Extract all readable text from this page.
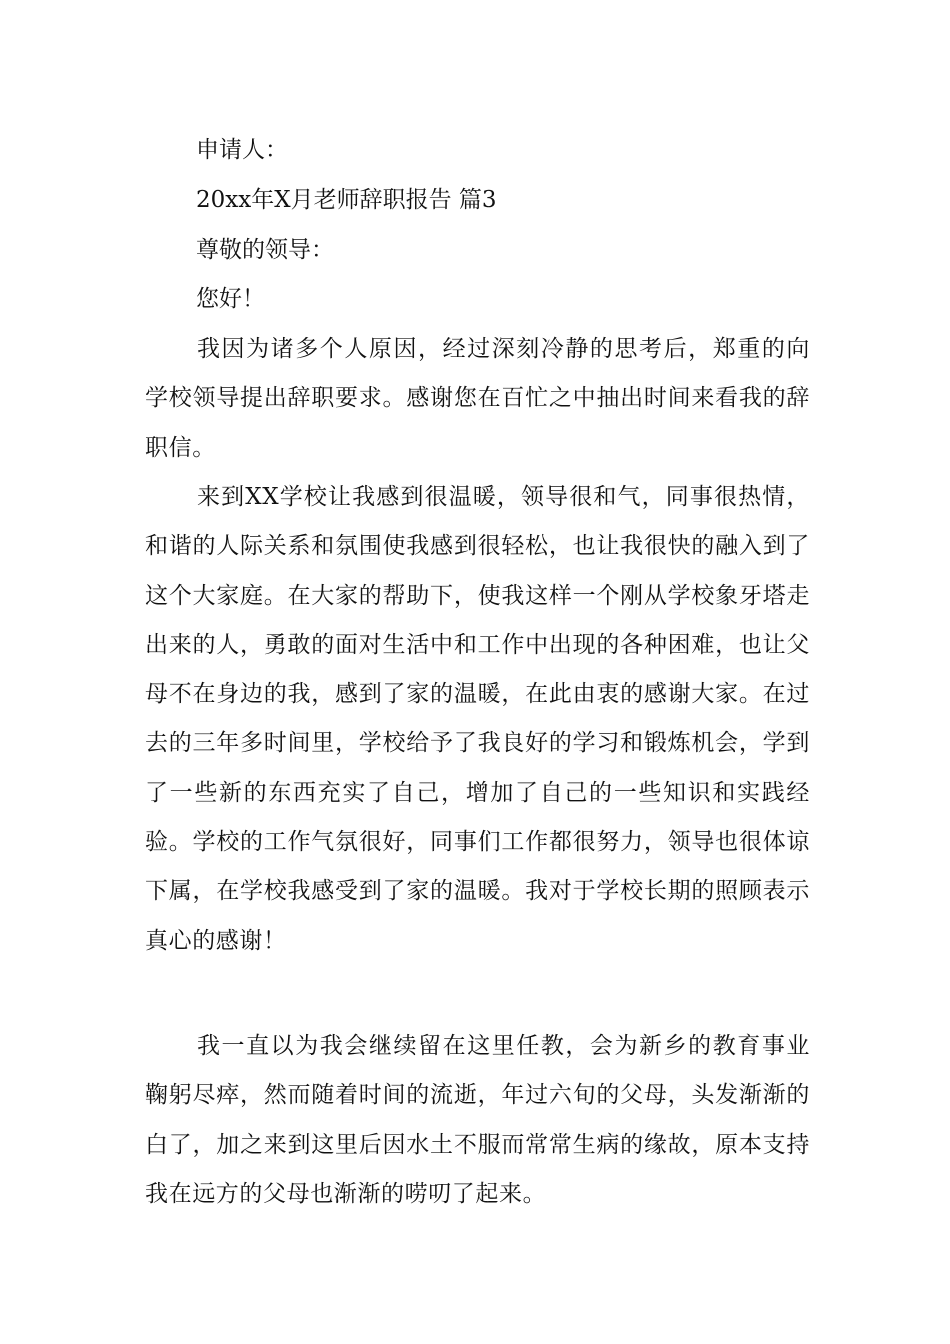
申请人：

20xx年X月老师辞职报告 篇3

尊敬的领导：

您好！

我因为诸多个人原因，经过深刻冷静的思考后，郑重的向学校领导提出辞职要求。感谢您在百忙之中抽出时间来看我的辞职信。

来到XX学校让我感到很温暖，领导很和气，同事很热情，和谐的人际关系和氛围使我感到很轻松，也让我很快的融入到了这个大家庭。在大家的帮助下，使我这样一个刚从学校象牙塔走出来的人，勇敢的面对生活中和工作中出现的各种困难，也让父母不在身边的我，感到了家的温暖，在此由衷的感谢大家。在过去的三年多时间里，学校给予了我良好的学习和锻炼机会，学到了一些新的东西充实了自己，增加了自己的一些知识和实践经验。学校的工作气氛很好，同事们工作都很努力，领导也很体谅下属，在学校我感受到了家的温暖。我对于学校长期的照顾表示真心的感谢！

我一直以为我会继续留在这里任教，会为新乡的教育事业鞠躬尽瘁，然而随着时间的流逝，年过六旬的父母，头发渐渐的白了，加之来到这里后因水土不服而常常生病的缘故，原本支持我在远方的父母也渐渐的唠叨了起来。
